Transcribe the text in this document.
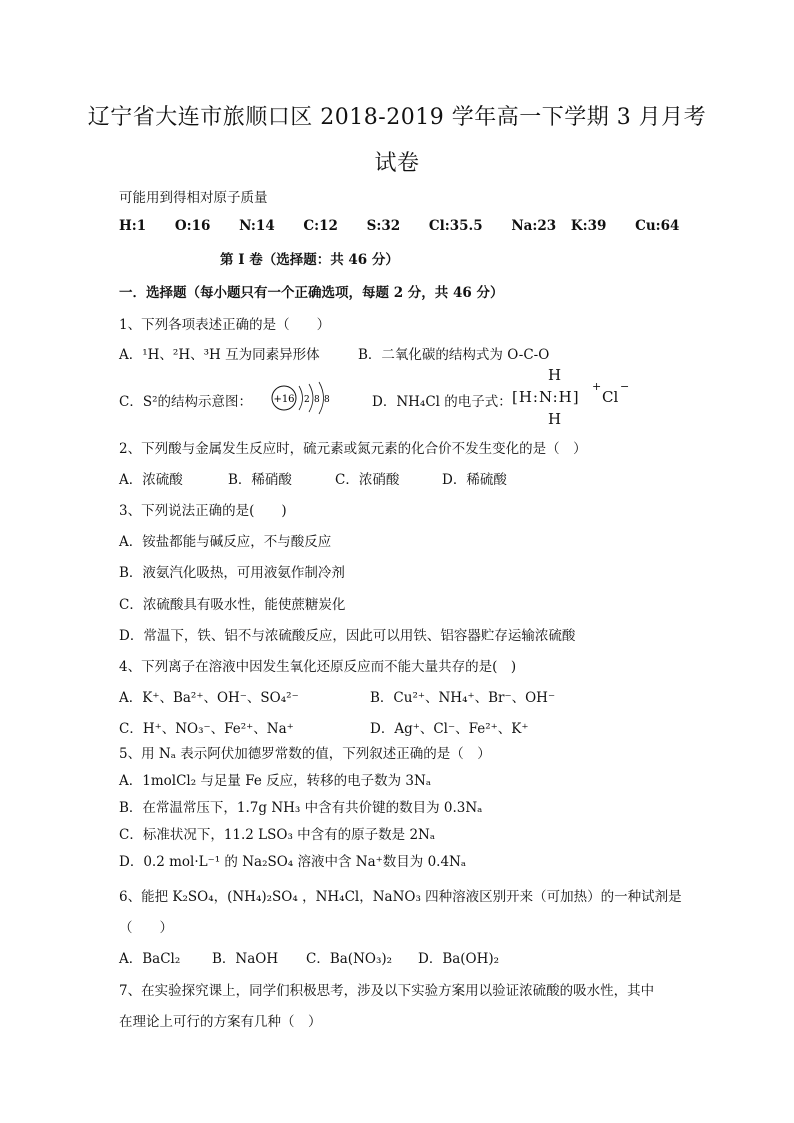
辽宁省大连市旅顺口区 2018-2019 学年高一下学期 3 月月考
试卷
可能用到得相对原子质量
H:1 O:16 N:14 C:12 S:32 Cl:35.5 Na:23 K:39 Cu:64
第 I 卷（选择题：共 46 分）
一．选择题（每小题只有一个正确选项，每题 2 分，共 46 分）
1、下列各项表述正确的是（　　）
A．¹H、²H、³H 互为同素异形体	B．二氧化碳的结构式为 O-C-O
C．S²的结构示意图： +16 2 8 8	D．NH₄Cl 的电子式：
H
[H:N:H]
+
Cl
−
H
2、下列酸与金属发生反应时，硫元素或氮元素的化合价不发生变化的是（　）
A．浓硫酸	B．稀硝酸	C．浓硝酸	D．稀硫酸
3、下列说法正确的是(　　)
A．铵盐都能与碱反应，不与酸反应
B．液氨汽化吸热，可用液氨作制冷剂
C．浓硫酸具有吸水性，能使蔗糖炭化
D．常温下，铁、铝不与浓硫酸反应，因此可以用铁、铝容器贮存运输浓硫酸
4、下列离子在溶液中因发生氧化还原反应而不能大量共存的是(　)
A．K⁺、Ba²⁺、OH⁻、SO₄²⁻	B．Cu²⁺、NH₄⁺、Br⁻、OH⁻
C．H⁺、NO₃⁻、Fe²⁺、Na⁺	D．Ag⁺、Cl⁻、Fe²⁺、K⁺
5、用 Nₐ 表示阿伏加德罗常数的值，下列叙述正确的是（　）
A．1molCl₂ 与足量 Fe 反应，转移的电子数为 3Nₐ
B．在常温常压下，1.7g NH₃ 中含有共价键的数目为 0.3Nₐ
C．标准状况下，11.2 LSO₃ 中含有的原子数是 2Nₐ
D．0.2 mol·L⁻¹ 的 Na₂SO₄ 溶液中含 Na⁺数目为 0.4Nₐ
6、能把 K₂SO₄，(NH₄)₂SO₄ ，NH₄Cl，NaNO₃ 四种溶液区别开来（可加热）的一种试剂是
（　　）
A．BaCl₂ B．NaOH C．Ba(NO₃)₂ D．Ba(OH)₂
7、在实验探究课上，同学们积极思考，涉及以下实验方案用以验证浓硫酸的吸水性，其中
在理论上可行的方案有几种（　）
